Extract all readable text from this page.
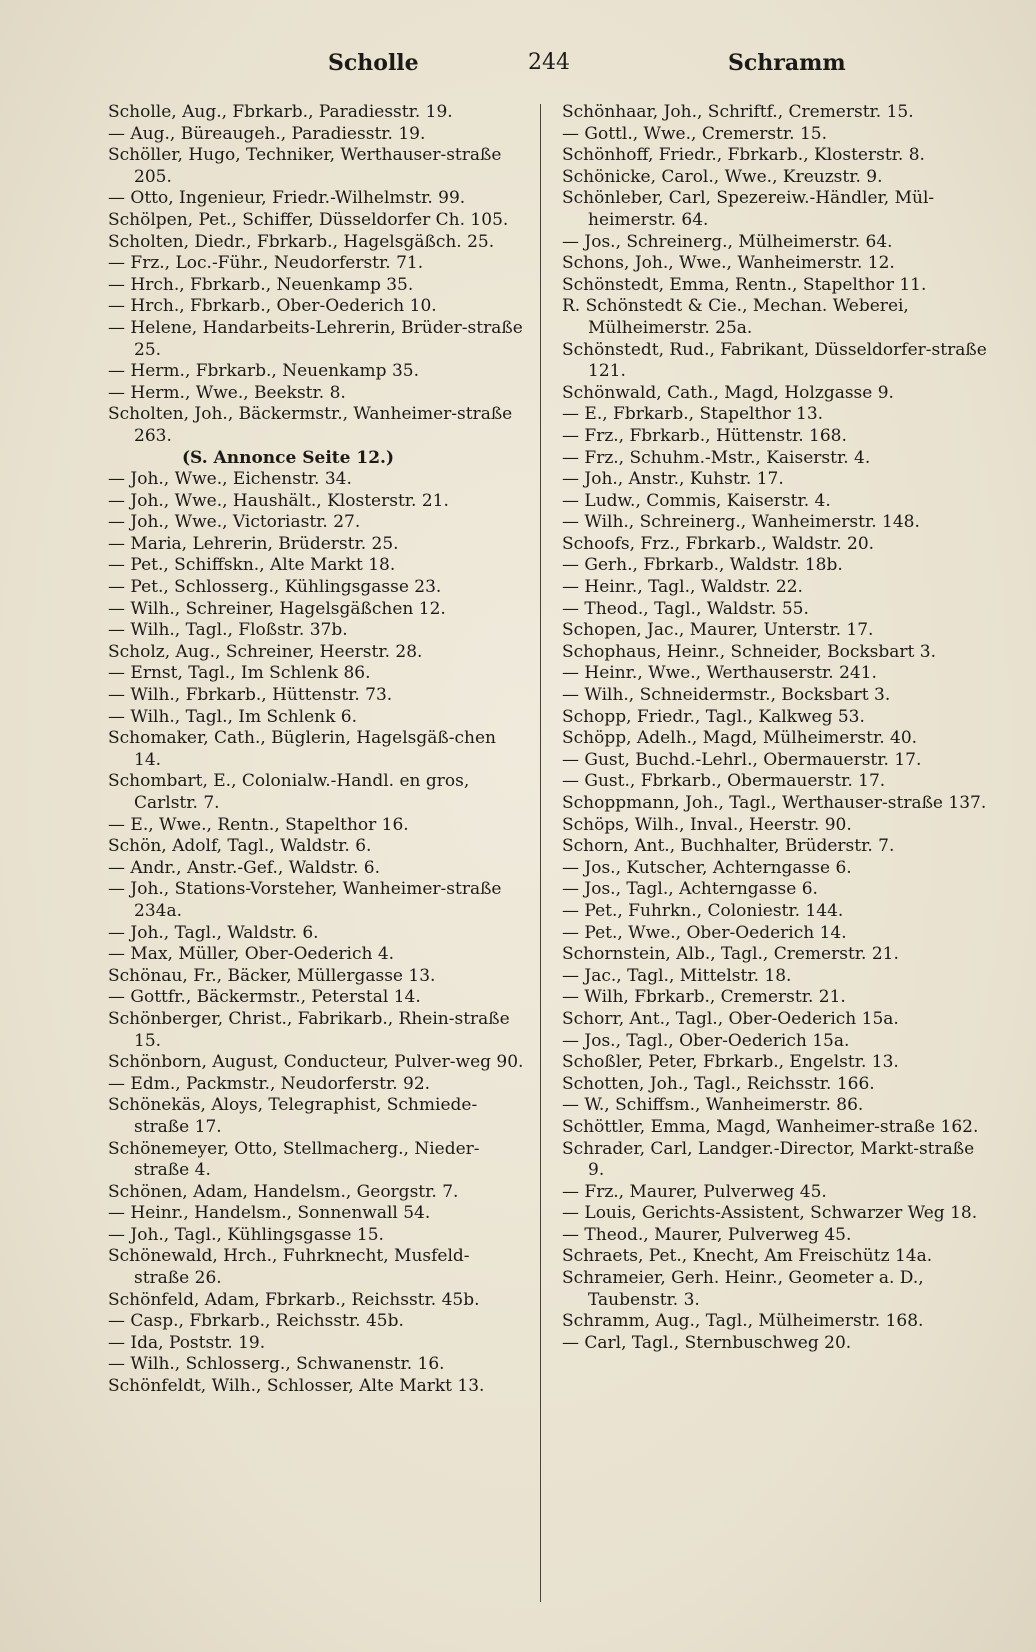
Scholle	244	Schramm
Scholle, Aug., Fbrkarb., Paradiesstr. 19.
— Aug., Büreaugeh., Paradiesstr. 19.
Schöller, Hugo, Techniker, Werthauser-straße 205.
— Otto, Ingenieur, Friedr.-Wilhelmstr. 99.
Schölpen, Pet., Schiffer, Düsseldorfer Ch. 105.
Scholten, Diedr., Fbrkarb., Hagelsgäßch. 25.
— Frz., Loc.-Führ., Neudorferstr. 71.
— Hrch., Fbrkarb., Neuenkamp 35.
— Hrch., Fbrkarb., Ober-Oederich 10.
— Helene, Handarbeits-Lehrerin, Brüder-straße 25.
— Herm., Fbrkarb., Neuenkamp 35.
— Herm., Wwe., Beekstr. 8.
Scholten, Joh., Bäckermstr., Wanheimer-straße 263.
(S. Annonce Seite 12.)
— Joh., Wwe., Eichenstr. 34.
— Joh., Wwe., Haushält., Klosterstr. 21.
— Joh., Wwe., Victoriastr. 27.
— Maria, Lehrerin, Brüderstr. 25.
— Pet., Schiffskn., Alte Markt 18.
— Pet., Schlosserg., Kühlingsgasse 23.
— Wilh., Schreiner, Hagelsgäßchen 12.
— Wilh., Tagl., Floßstr. 37b.
Scholz, Aug., Schreiner, Heerstr. 28.
— Ernst, Tagl., Im Schlenk 86.
— Wilh., Fbrkarb., Hüttenstr. 73.
— Wilh., Tagl., Im Schlenk 6.
Schomaker, Cath., Büglerin, Hagelsgäß-chen 14.
Schombart, E., Colonialw.-Handl. en gros, Carlstr. 7.
— E., Wwe., Rentn., Stapelthor 16.
Schön, Adolf, Tagl., Waldstr. 6.
— Andr., Anstr.-Gef., Waldstr. 6.
— Joh., Stations-Vorsteher, Wanheimer-straße 234a.
— Joh., Tagl., Waldstr. 6.
— Max, Müller, Ober-Oederich 4.
Schönau, Fr., Bäcker, Müllergasse 13.
— Gottfr., Bäckermstr., Peterstal 14.
Schönberger, Christ., Fabrikarb., Rhein-straße 15.
Schönborn, August, Conducteur, Pulver-weg 90.
— Edm., Packmstr., Neudorferstr. 92.
Schönekäs, Aloys, Telegraphist, Schmiede-straße 17.
Schönemeyer, Otto, Stellmacherg., Nieder-straße 4.
Schönen, Adam, Handelsm., Georgstr. 7.
— Heinr., Handelsm., Sonnenwall 54.
— Joh., Tagl., Kühlingsgasse 15.
Schönewald, Hrch., Fuhrknecht, Musfeld-straße 26.
Schönfeld, Adam, Fbrkarb., Reichsstr. 45b.
— Casp., Fbrkarb., Reichsstr. 45b.
— Ida, Poststr. 19.
— Wilh., Schlosserg., Schwanenstr. 16.
Schönfeldt, Wilh., Schlosser, Alte Markt 13.
Schönhaar, Joh., Schriftf., Cremerstr. 15.
— Gottl., Wwe., Cremerstr. 15.
Schönhoff, Friedr., Fbrkarb., Klosterstr. 8.
Schönicke, Carol., Wwe., Kreuzstr. 9.
Schönleber, Carl, Spezereiw.-Händler, Mül-heimerstr. 64.
— Jos., Schreinerg., Mülheimerstr. 64.
Schons, Joh., Wwe., Wanheimerstr. 12.
Schönstedt, Emma, Rentn., Stapelthor 11.
R. Schönstedt & Cie., Mechan. Weberei, Mülheimerstr. 25a.
Schönstedt, Rud., Fabrikant, Düsseldorfer-straße 121.
Schönwald, Cath., Magd, Holzgasse 9.
— E., Fbrkarb., Stapelthor 13.
— Frz., Fbrkarb., Hüttenstr. 168.
— Frz., Schuhm.-Mstr., Kaiserstr. 4.
— Joh., Anstr., Kuhstr. 17.
— Ludw., Commis, Kaiserstr. 4.
— Wilh., Schreinerg., Wanheimerstr. 148.
Schoofs, Frz., Fbrkarb., Waldstr. 20.
— Gerh., Fbrkarb., Waldstr. 18b.
— Heinr., Tagl., Waldstr. 22.
— Theod., Tagl., Waldstr. 55.
Schopen, Jac., Maurer, Unterstr. 17.
Schophaus, Heinr., Schneider, Bocksbart 3.
— Heinr., Wwe., Werthauserstr. 241.
— Wilh., Schneidermstr., Bocksbart 3.
Schopp, Friedr., Tagl., Kalkweg 53.
Schöpp, Adelh., Magd, Mülheimerstr. 40.
— Gust, Buchd.-Lehrl., Obermauerstr. 17.
— Gust., Fbrkarb., Obermauerstr. 17.
Schoppmann, Joh., Tagl., Werthauser-straße 137.
Schöps, Wilh., Inval., Heerstr. 90.
Schorn, Ant., Buchhalter, Brüderstr. 7.
— Jos., Kutscher, Achterngasse 6.
— Jos., Tagl., Achterngasse 6.
— Pet., Fuhrkn., Coloniestr. 144.
— Pet., Wwe., Ober-Oederich 14.
Schornstein, Alb., Tagl., Cremerstr. 21.
— Jac., Tagl., Mittelstr. 18.
— Wilh, Fbrkarb., Cremerstr. 21.
Schorr, Ant., Tagl., Ober-Oederich 15a.
— Jos., Tagl., Ober-Oederich 15a.
Schoßler, Peter, Fbrkarb., Engelstr. 13.
Schotten, Joh., Tagl., Reichsstr. 166.
— W., Schiffsm., Wanheimerstr. 86.
Schöttler, Emma, Magd, Wanheimer-straße 162.
Schrader, Carl, Landger.-Director, Markt-straße 9.
— Frz., Maurer, Pulverweg 45.
— Louis, Gerichts-Assistent, Schwarzer Weg 18.
— Theod., Maurer, Pulverweg 45.
Schraets, Pet., Knecht, Am Freischütz 14a.
Schrameier, Gerh. Heinr., Geometer a. D., Taubenstr. 3.
Schramm, Aug., Tagl., Mülheimerstr. 168.
— Carl, Tagl., Sternbuschweg 20.
